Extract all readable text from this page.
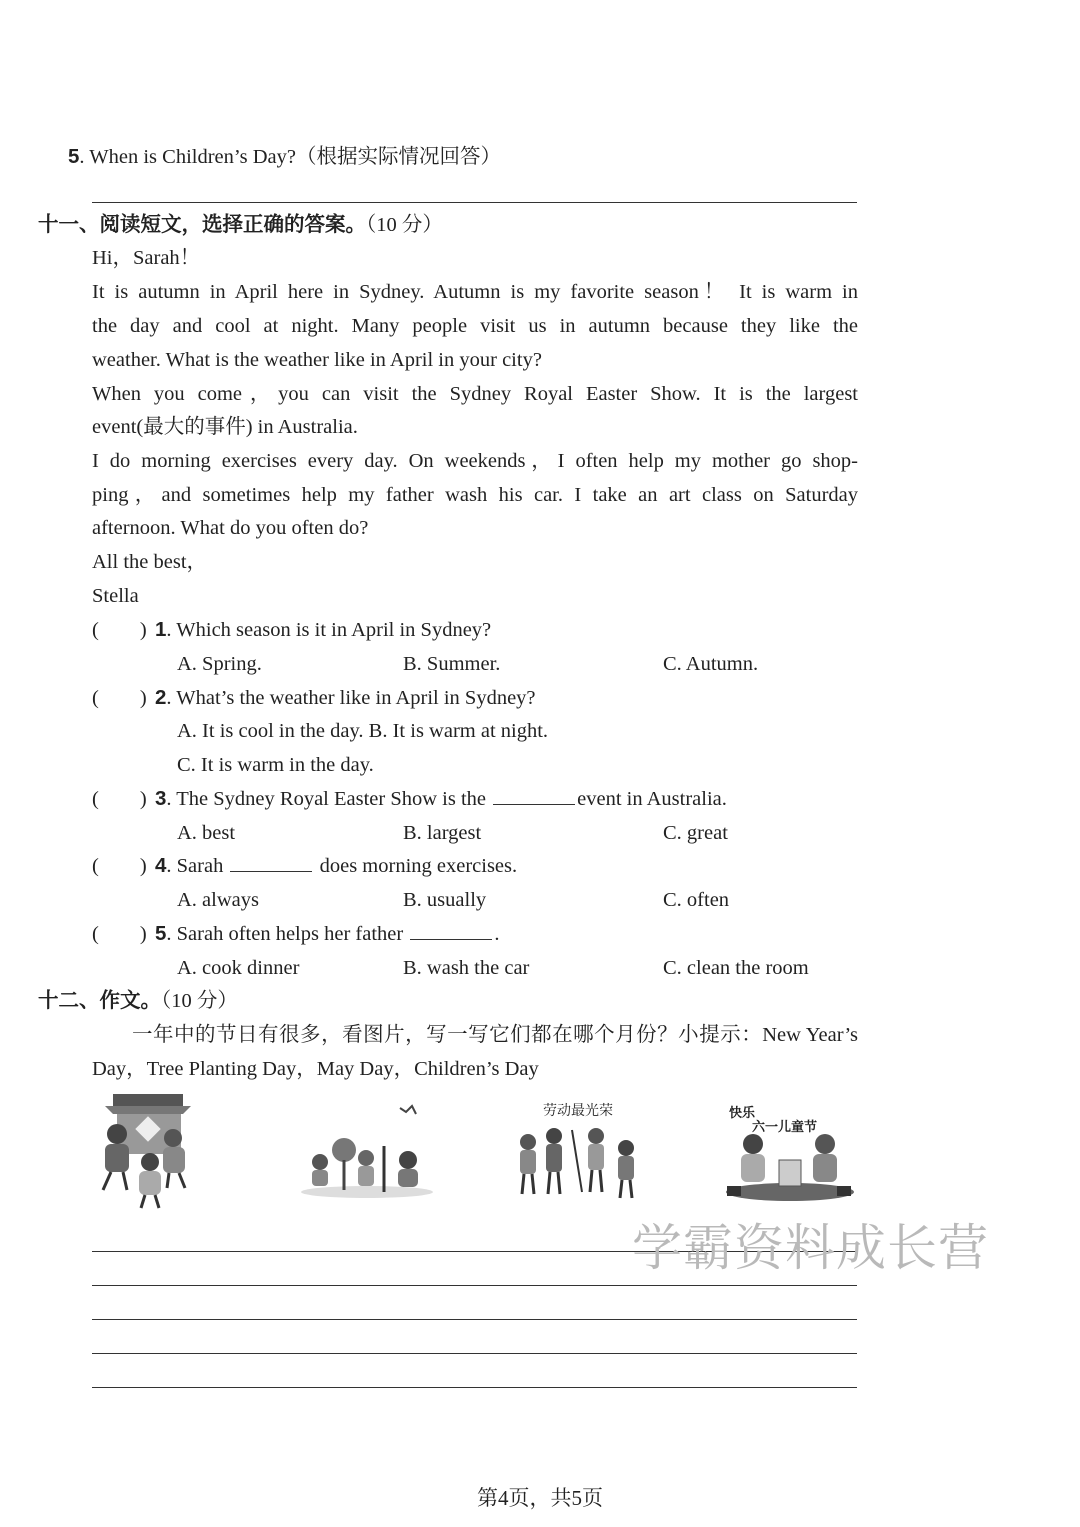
5. When is Children’s Day?（根据实际情况回答）
十一、阅读短文，选择正确的答案。（10 分）
Hi，Sarah！
It is autumn in April here in Sydney. Autumn is my favorite season！ It is warm in
the day and cool at night. Many people visit us in autumn because they like the
weather. What is the weather like in April in your city?
When you come，you can visit the Sydney Royal Easter Show. It is the largest
event(最大的事件) in Australia.
I do morning exercises every day. On weekends，I often help my mother go shop-
ping，and sometimes help my father wash his car. I take an art class on Saturday
afternoon. What do you often do?
All the best，
Stella
(        ) 1. Which season is it in April in Sydney?
A. Spring.	B. Summer.	C. Autumn.
(        ) 2. What’s the weather like in April in Sydney?
A. It is cool in the day. B. It is warm at night.
C. It is warm in the day.
(        ) 3. The Sydney Royal Easter Show is the	event in Australia.
A. best	B. largest	C. great
(        ) 4. Sarah	does morning exercises.
A. always	B. usually	C. often
(        ) 5. Sarah often helps her father	.
A. cook dinner	B. wash the car	C. clean the room
十二、作文。（10 分）
一年中的节日有很多，看图片，写一写它们都在哪个月份？小提示：New Year’s
Day，Tree Planting Day，May Day，Children’s Day
劳动最光荣	快乐
六一儿童节
学霸资料成长营
第4页，共5页
